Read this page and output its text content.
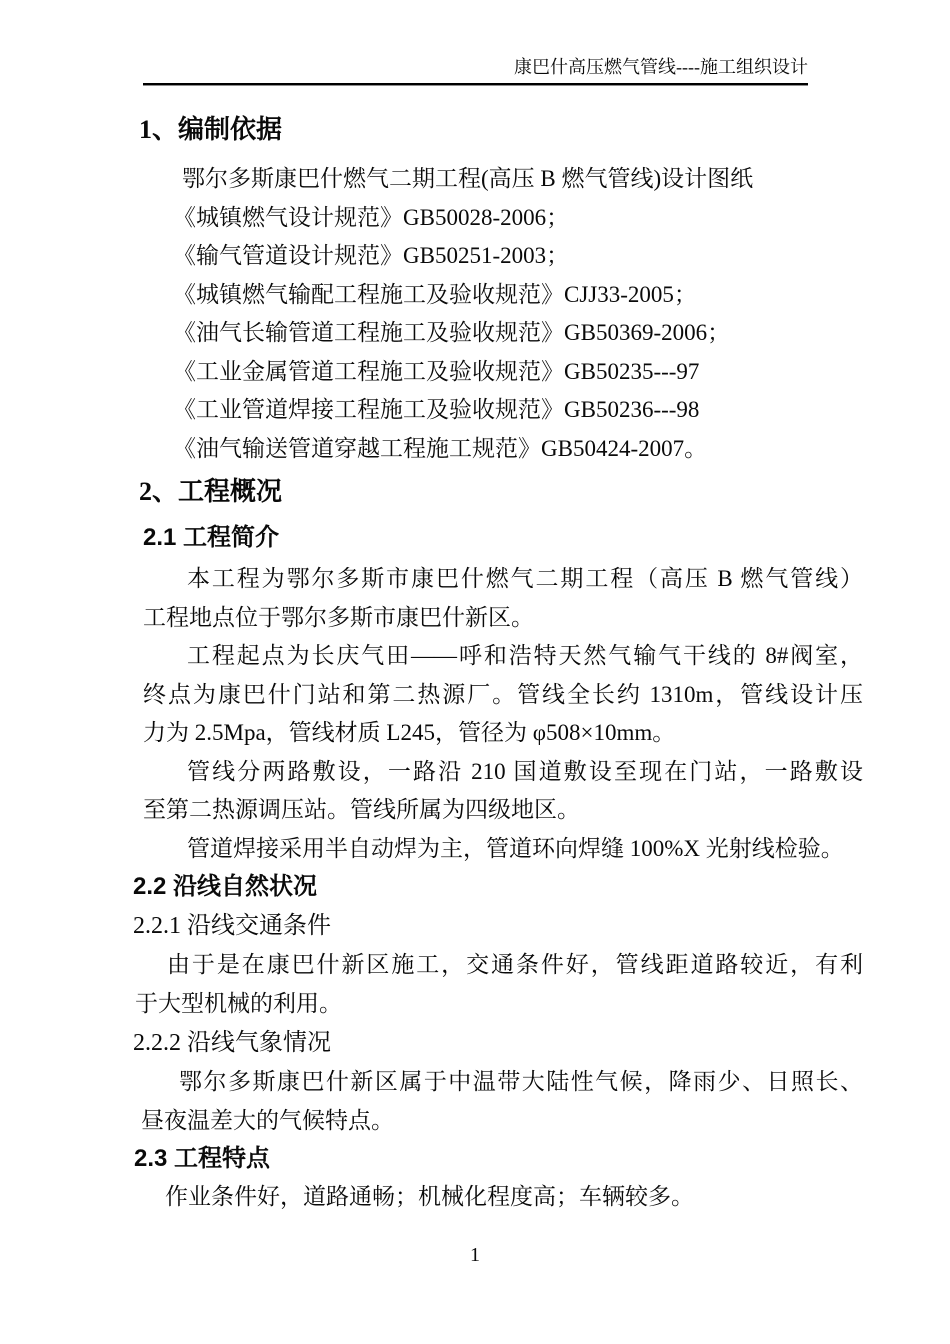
康巴什高压燃气管线----施工组织设计
1、编制依据
鄂尔多斯康巴什燃气二期工程(高压 B 燃气管线)设计图纸
《城镇燃气设计规范》GB50028-2006；
《输气管道设计规范》GB50251-2003；
《城镇燃气输配工程施工及验收规范》CJJ33-2005；
《油气长输管道工程施工及验收规范》GB50369-2006；
《工业金属管道工程施工及验收规范》GB50235---97
《工业管道焊接工程施工及验收规范》GB50236---98
《油气输送管道穿越工程施工规范》GB50424-2007。
2、工程概况
2.1 工程简介
本工程为鄂尔多斯市康巴什燃气二期工程（高压 B 燃气管线）
工程地点位于鄂尔多斯市康巴什新区。
工程起点为长庆气田——呼和浩特天然气输气干线的 8#阀室，
终点为康巴什门站和第二热源厂。管线全长约 1310m，管线设计压
力为 2.5Mpa，管线材质 L245，管径为 φ508×10mm。
管线分两路敷设，一路沿 210 国道敷设至现在门站，一路敷设
至第二热源调压站。管线所属为四级地区。
管道焊接采用半自动焊为主，管道环向焊缝 100%X 光射线检验。
2.2 沿线自然状况
2.2.1 沿线交通条件
由于是在康巴什新区施工，交通条件好，管线距道路较近，有利
于大型机械的利用。
2.2.2 沿线气象情况
鄂尔多斯康巴什新区属于中温带大陆性气候，降雨少、日照长、
昼夜温差大的气候特点。
2.3 工程特点
作业条件好，道路通畅；机械化程度高；车辆较多。
1
